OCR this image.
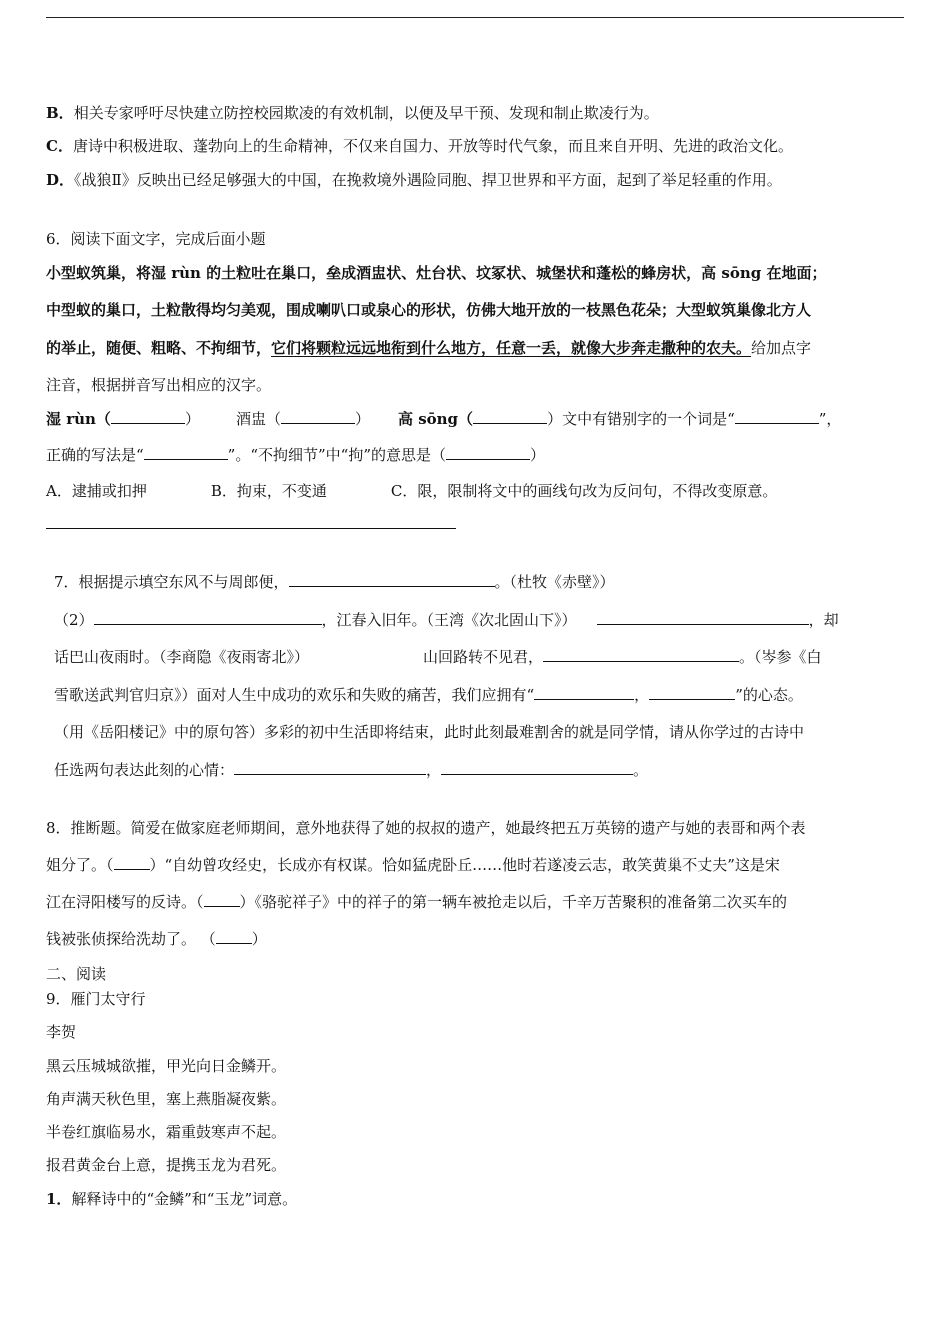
B．相关专家呼吁尽快建立防控校园欺凌的有效机制，以便及早干预、发现和制止欺凌行为。
C．唐诗中积极进取、蓬勃向上的生命精神，不仅来自国力、开放等时代气象，而且来自开明、先进的政治文化。
D．《战狼Ⅱ》反映出已经足够强大的中国，在挽救境外遇险同胞、捍卫世界和平方面，起到了举足轻重的作用。
6．阅读下面文字，完成后面小题
小型蚁筑巢，将湿 rùn 的土粒吐在巢口，垒成酒盅状、灶台状、坟冢状、城堡状和蓬松的蜂房状，高 sōng 在地面；
中型蚁的巢口，土粒散得均匀美观，围成喇叭口或泉心的形状，仿佛大地开放的一枝黑色花朵；大型蚁筑巢像北方人
的举止，随便、粗略、不拘细节，它们将颗粒远远地衔到什么地方，任意一丢，就像大步奔走撒种的农夫。给加点字
注音，根据拼音写出相应的汉字。
湿 rùn（	） 酒盅（	） 高 sōng（	）文中有错别字的一个词是“	”，
正确的写法是“	”。“不拘细节”中“拘”的意思是（	）
A．逮捕或扣押	B．拘束，不变通	C．限，限制将文中的画线句改为反问句，不得改变原意。
7．根据提示填空东风不与周郎便，	。（杜牧《赤壁》）
（2）	，江春入旧年。（王湾《次北固山下》）	，却
话巴山夜雨时。（李商隐《夜雨寄北》）	山回路转不见君，	。（岑参《白
雪歌送武判官归京》）面对人生中成功的欢乐和失败的痛苦，我们应拥有“	，	”的心态。
（用《岳阳楼记》中的原句答）多彩的初中生活即将结束，此时此刻最难割舍的就是同学情，请从你学过的古诗中
任选两句表达此刻的心情：	，	。
8．推断题。简爱在做家庭老师期间，意外地获得了她的叔叔的遗产，她最终把五万英镑的遗产与她的表哥和两个表
姐分了。（ ）“自幼曾攻经史，长成亦有权谋。恰如猛虎卧丘……他时若遂凌云志，敢笑黄巢不丈夫”这是宋
江在浔阳楼写的反诗。（ ）《骆驼祥子》中的祥子的第一辆车被抢走以后，千辛万苦聚积的准备第二次买车的
钱被张侦探给洗劫了。 （ ）
二、阅读
9．雁门太守行
李贺
黑云压城城欲摧，甲光向日金鳞开。
角声满天秋色里，塞上燕脂凝夜紫。
半卷红旗临易水，霜重鼓寒声不起。
报君黄金台上意，提携玉龙为君死。
1．解释诗中的“金鳞”和“玉龙”词意。
